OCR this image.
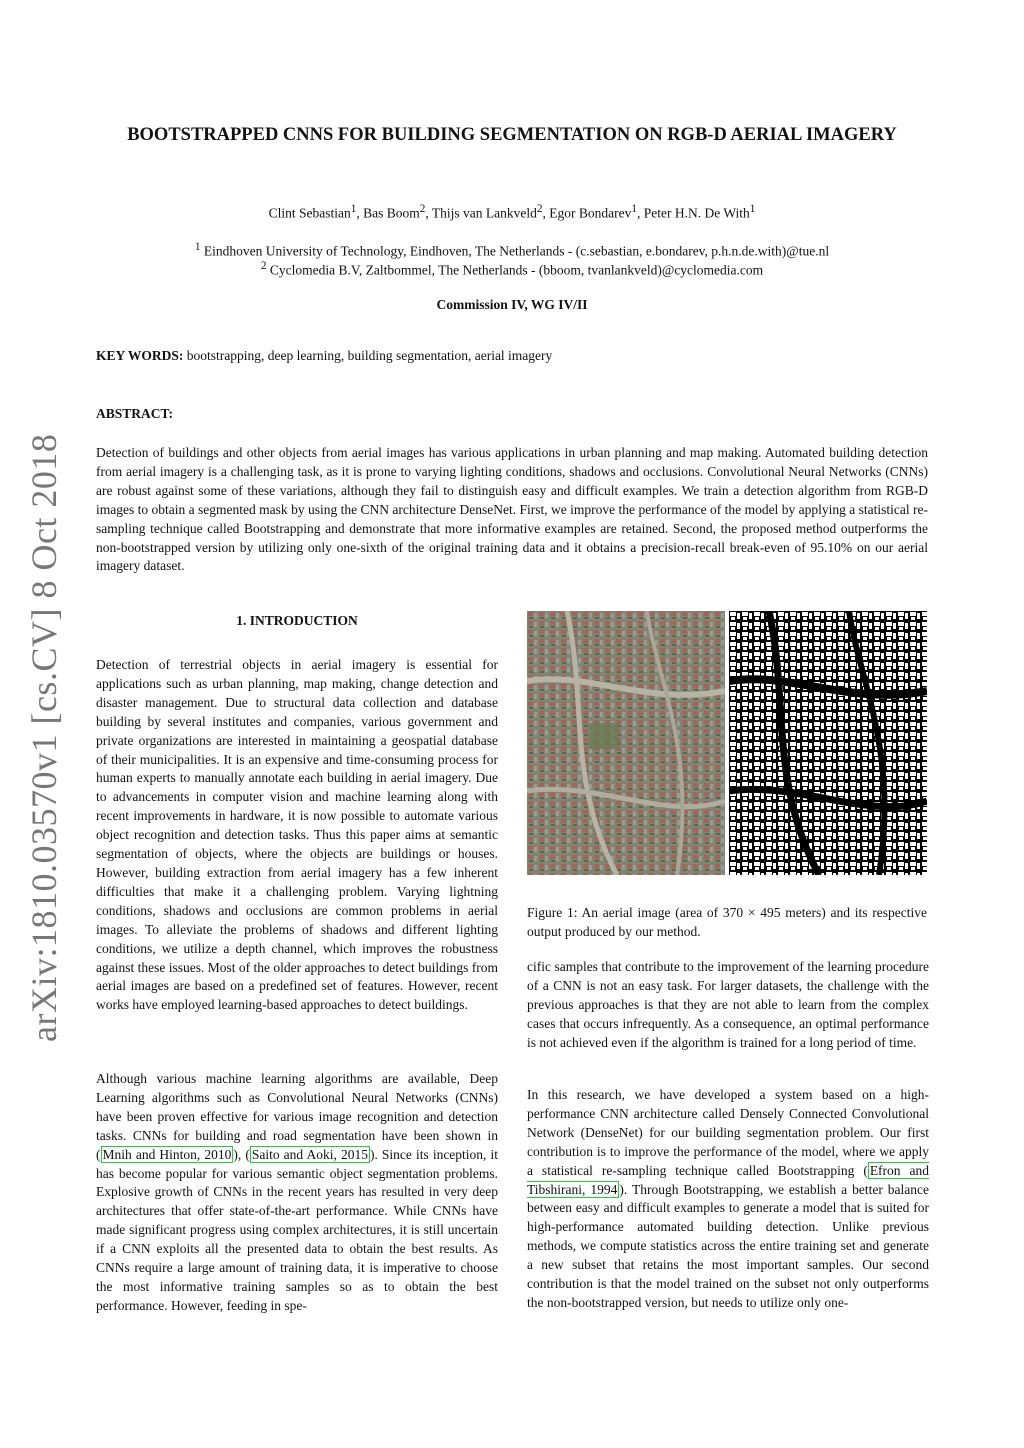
arXiv:1810.03570v1 [cs.CV] 8 Oct 2018
BOOTSTRAPPED CNNS FOR BUILDING SEGMENTATION ON RGB-D AERIAL IMAGERY
Clint Sebastian$^1$, Bas Boom$^2$, Thijs van Lankveld$^2$, Egor Bondarev$^1$, Peter H.N. De With$^1$
$^1$ Eindhoven University of Technology, Eindhoven, The Netherlands - (c.sebastian, e.bondarev, p.h.n.de.with)@tue.nl
$^2$ Cyclomedia B.V, Zaltbommel, The Netherlands - (bboom, tvanlankveld)@cyclomedia.com
Commission IV, WG IV/II
KEY WORDS: bootstrapping, deep learning, building segmentation, aerial imagery
ABSTRACT:
Detection of buildings and other objects from aerial images has various applications in urban planning and map making. Automated building detection from aerial imagery is a challenging task, as it is prone to varying lighting conditions, shadows and occlusions. Convolutional Neural Networks (CNNs) are robust against some of these variations, although they fail to distinguish easy and difficult examples. We train a detection algorithm from RGB-D images to obtain a segmented mask by using the CNN architecture DenseNet. First, we improve the performance of the model by applying a statistical re-sampling technique called Bootstrapping and demonstrate that more informative examples are retained. Second, the proposed method outperforms the non-bootstrapped version by utilizing only one-sixth of the original training data and it obtains a precision-recall break-even of 95.10% on our aerial imagery dataset.
1. INTRODUCTION
Detection of terrestrial objects in aerial imagery is essential for applications such as urban planning, map making, change detection and disaster management. Due to structural data collection and database building by several institutes and companies, various government and private organizations are interested in maintaining a geospatial database of their municipalities. It is an expensive and time-consuming process for human experts to manually annotate each building in aerial imagery. Due to advancements in computer vision and machine learning along with recent improvements in hardware, it is now possible to automate various object recognition and detection tasks. Thus this paper aims at semantic segmentation of objects, where the objects are buildings or houses. However, building extraction from aerial imagery has a few inherent difficulties that make it a challenging problem. Varying lightning conditions, shadows and occlusions are common problems in aerial images. To alleviate the problems of shadows and different lighting conditions, we utilize a depth channel, which improves the robustness against these issues. Most of the older approaches to detect buildings from aerial images are based on a predefined set of features. However, recent works have employed learning-based approaches to detect buildings.
Although various machine learning algorithms are available, Deep Learning algorithms such as Convolutional Neural Networks (CNNs) have been proven effective for various image recognition and detection tasks. CNNs for building and road segmentation have been shown in ( Mnih and Hinton, 2010 ), ( Saito and Aoki, 2015 ). Since its inception, it has become popular for various semantic object segmentation problems. Explosive growth of CNNs in the recent years has resulted in very deep architectures that offer state-of-the-art performance. While CNNs have made significant progress using complex architectures, it is still uncertain if a CNN exploits all the presented data to obtain the best results. As CNNs require a large amount of training data, it is imperative to choose the most informative training samples so as to obtain the best performance. However, feeding in spe-
Figure 1: An aerial image (area of 370 × 495 meters) and its respective output produced by our method.
cific samples that contribute to the improvement of the learning procedure of a CNN is not an easy task. For larger datasets, the challenge with the previous approaches is that they are not able to learn from the complex cases that occurs infrequently. As a consequence, an optimal performance is not achieved even if the algorithm is trained for a long period of time.
In this research, we have developed a system based on a high-performance CNN architecture called Densely Connected Convolutional Network (DenseNet) for our building segmentation problem. Our first contribution is to improve the performance of the model, where we apply a statistical re-sampling technique called Bootstrapping ( Efron and Tibshirani, 1994 ). Through Bootstrapping, we establish a better balance between easy and difficult examples to generate a model that is suited for high-performance automated building detection. Unlike previous methods, we compute statistics across the entire training set and generate a new subset that retains the most important samples. Our second contribution is that the model trained on the subset not only outperforms the non-bootstrapped version, but needs to utilize only one-
